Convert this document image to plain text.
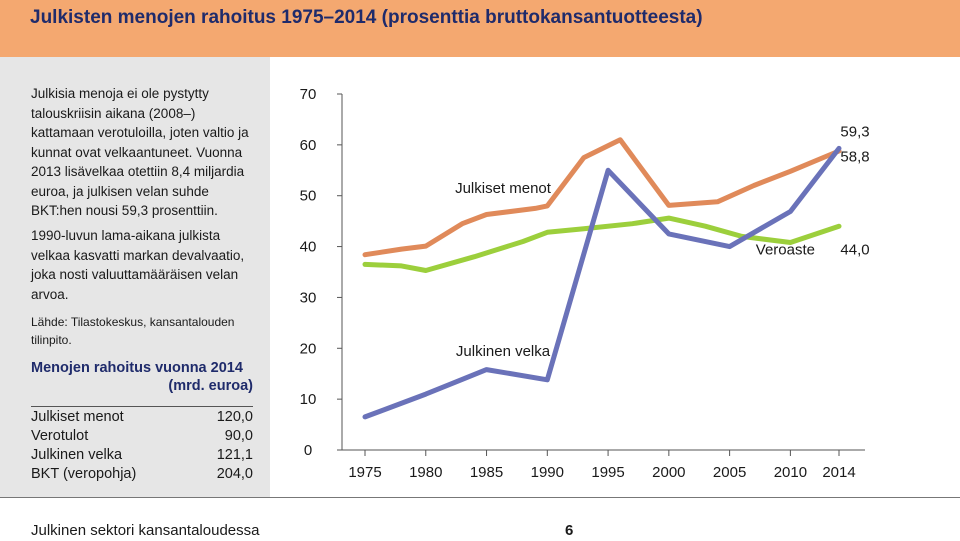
Julkisten menojen rahoitus 1975–2014 (prosenttia bruttokansantuotteesta)

Julkisia menoja ei ole pystytty talouskriisin aikana (2008–) kattamaan verotuloilla, joten valtio ja kunnat ovat velkaantuneet. Vuonna 2013 lisävelkaa otettiin 8,4 miljardia euroa, ja julkisen velan suhde BKT:hen nousi 59,3 prosenttiin.

1990-luvun lama-aikana julkista velkaa kasvatti markan devalvaatio, joka nosti valuuttamääräisen velan arvoa.

Lähde: Tilastokeskus, kansantalouden tilinpito.

Menojen rahoitus vuonna 2014
(mrd. euroa)
Julkiset menot	120,0
Verotulot	90,0
Julkinen velka	121,1
BKT (veropohja)	204,0
0
10
20
30
40
50
60
70
1975 1980 1985 1990 1995 2000 2005 2010 2014
Julkiset menot
Julkinen velka
Veroaste
59,3
58,8
44,0
Julkinen sektori kansantaloudessa	6
